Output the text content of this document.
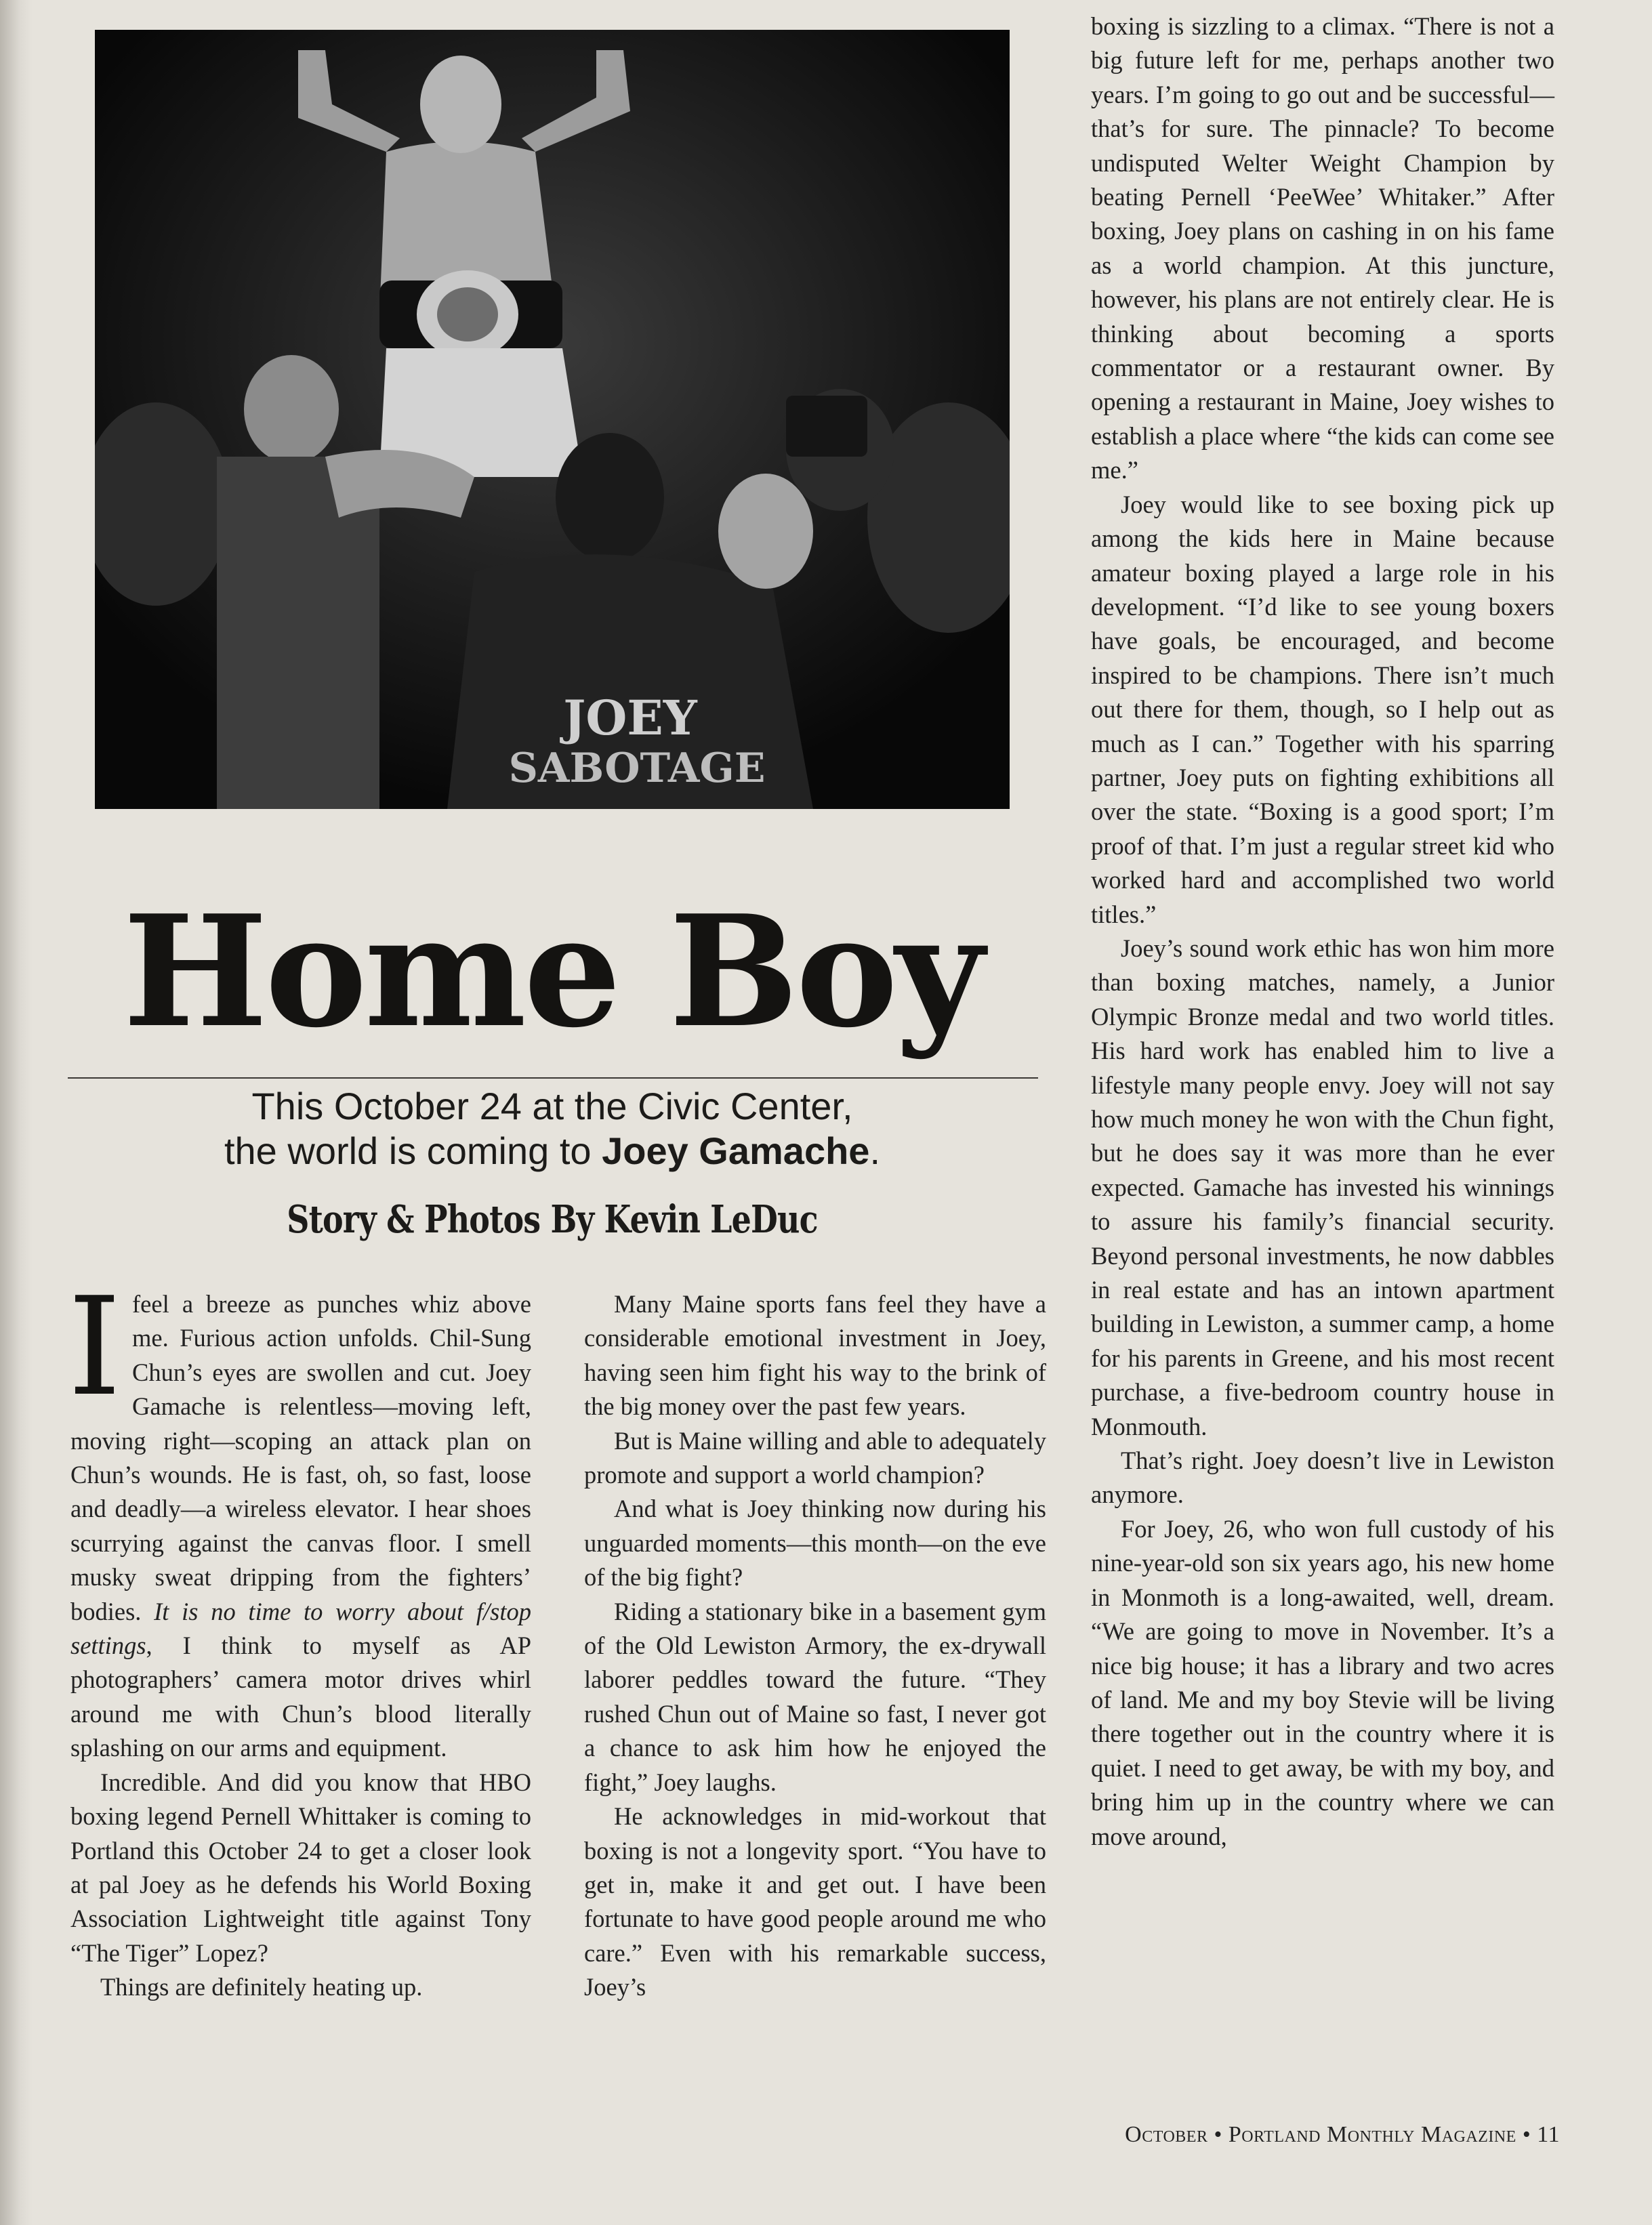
JOEY
SABOTAGE
Home Boy
This October 24 at the Civic Center,
the world is coming to Joey Gamache.
Story & Photos By Kevin LeDuc

I feel a breeze as punches whiz above me. Furious action unfolds. Chil-Sung Chun’s eyes are swollen and cut. Joey Gamache is relentless—moving left, moving right—scoping an attack plan on Chun’s wounds. He is fast, oh, so fast, loose and deadly—a wireless elevator. I hear shoes scurrying against the canvas floor. I smell musky sweat dripping from the fighters’ bodies. It is no time to worry about f/stop settings, I think to myself as AP photographers’ camera motor drives whirl around me with Chun’s blood literally splashing on our arms and equipment.

Incredible. And did you know that HBO boxing legend Pernell Whittaker is coming to Portland this October 24 to get a closer look at pal Joey as he defends his World Boxing Association Lightweight title against Tony “The Tiger” Lopez?

Things are definitely heating up.

Many Maine sports fans feel they have a considerable emotional investment in Joey, having seen him fight his way to the brink of the big money over the past few years.

But is Maine willing and able to adequately promote and support a world champion?

And what is Joey thinking now during his unguarded moments—this month—on the eve of the big fight?

Riding a stationary bike in a basement gym of the Old Lewiston Armory, the ex-drywall laborer peddles toward the future. “They rushed Chun out of Maine so fast, I never got a chance to ask him how he enjoyed the fight,” Joey laughs.

He acknowledges in mid-workout that boxing is not a longevity sport. “You have to get in, make it and get out. I have been fortunate to have good people around me who care.” Even with his remarkable success, Joey’s

boxing is sizzling to a climax. “There is not a big future left for me, perhaps another two years. I’m going to go out and be successful—that’s for sure. The pinnacle? To become undisputed Welter Weight Champion by beating Pernell ‘PeeWee’ Whitaker.” After boxing, Joey plans on cashing in on his fame as a world champion. At this juncture, however, his plans are not entirely clear. He is thinking about becoming a sports commentator or a restaurant owner. By opening a restaurant in Maine, Joey wishes to establish a place where “the kids can come see me.”

Joey would like to see boxing pick up among the kids here in Maine because amateur boxing played a large role in his development. “I’d like to see young boxers have goals, be encouraged, and become inspired to be champions. There isn’t much out there for them, though, so I help out as much as I can.” Together with his sparring partner, Joey puts on fighting exhibitions all over the state. “Boxing is a good sport; I’m proof of that. I’m just a regular street kid who worked hard and accomplished two world titles.”

Joey’s sound work ethic has won him more than boxing matches, namely, a Junior Olympic Bronze medal and two world titles. His hard work has enabled him to live a lifestyle many people envy. Joey will not say how much money he won with the Chun fight, but he does say it was more than he ever expected. Gamache has invested his winnings to assure his family’s financial security. Beyond personal investments, he now dabbles in real estate and has an intown apartment building in Lewiston, a summer camp, a home for his parents in Greene, and his most recent purchase, a five-bedroom country house in Monmouth.

That’s right. Joey doesn’t live in Lewiston anymore.

For Joey, 26, who won full custody of his nine-year-old son six years ago, his new home in Monmoth is a long-awaited, well, dream. “We are going to move in November. It’s a nice big house; it has a library and two acres of land. Me and my boy Stevie will be living there together out in the country where it is quiet. I need to get away, be with my boy, and bring him up in the country where we can move around,

October • Portland Monthly Magazine • 11
